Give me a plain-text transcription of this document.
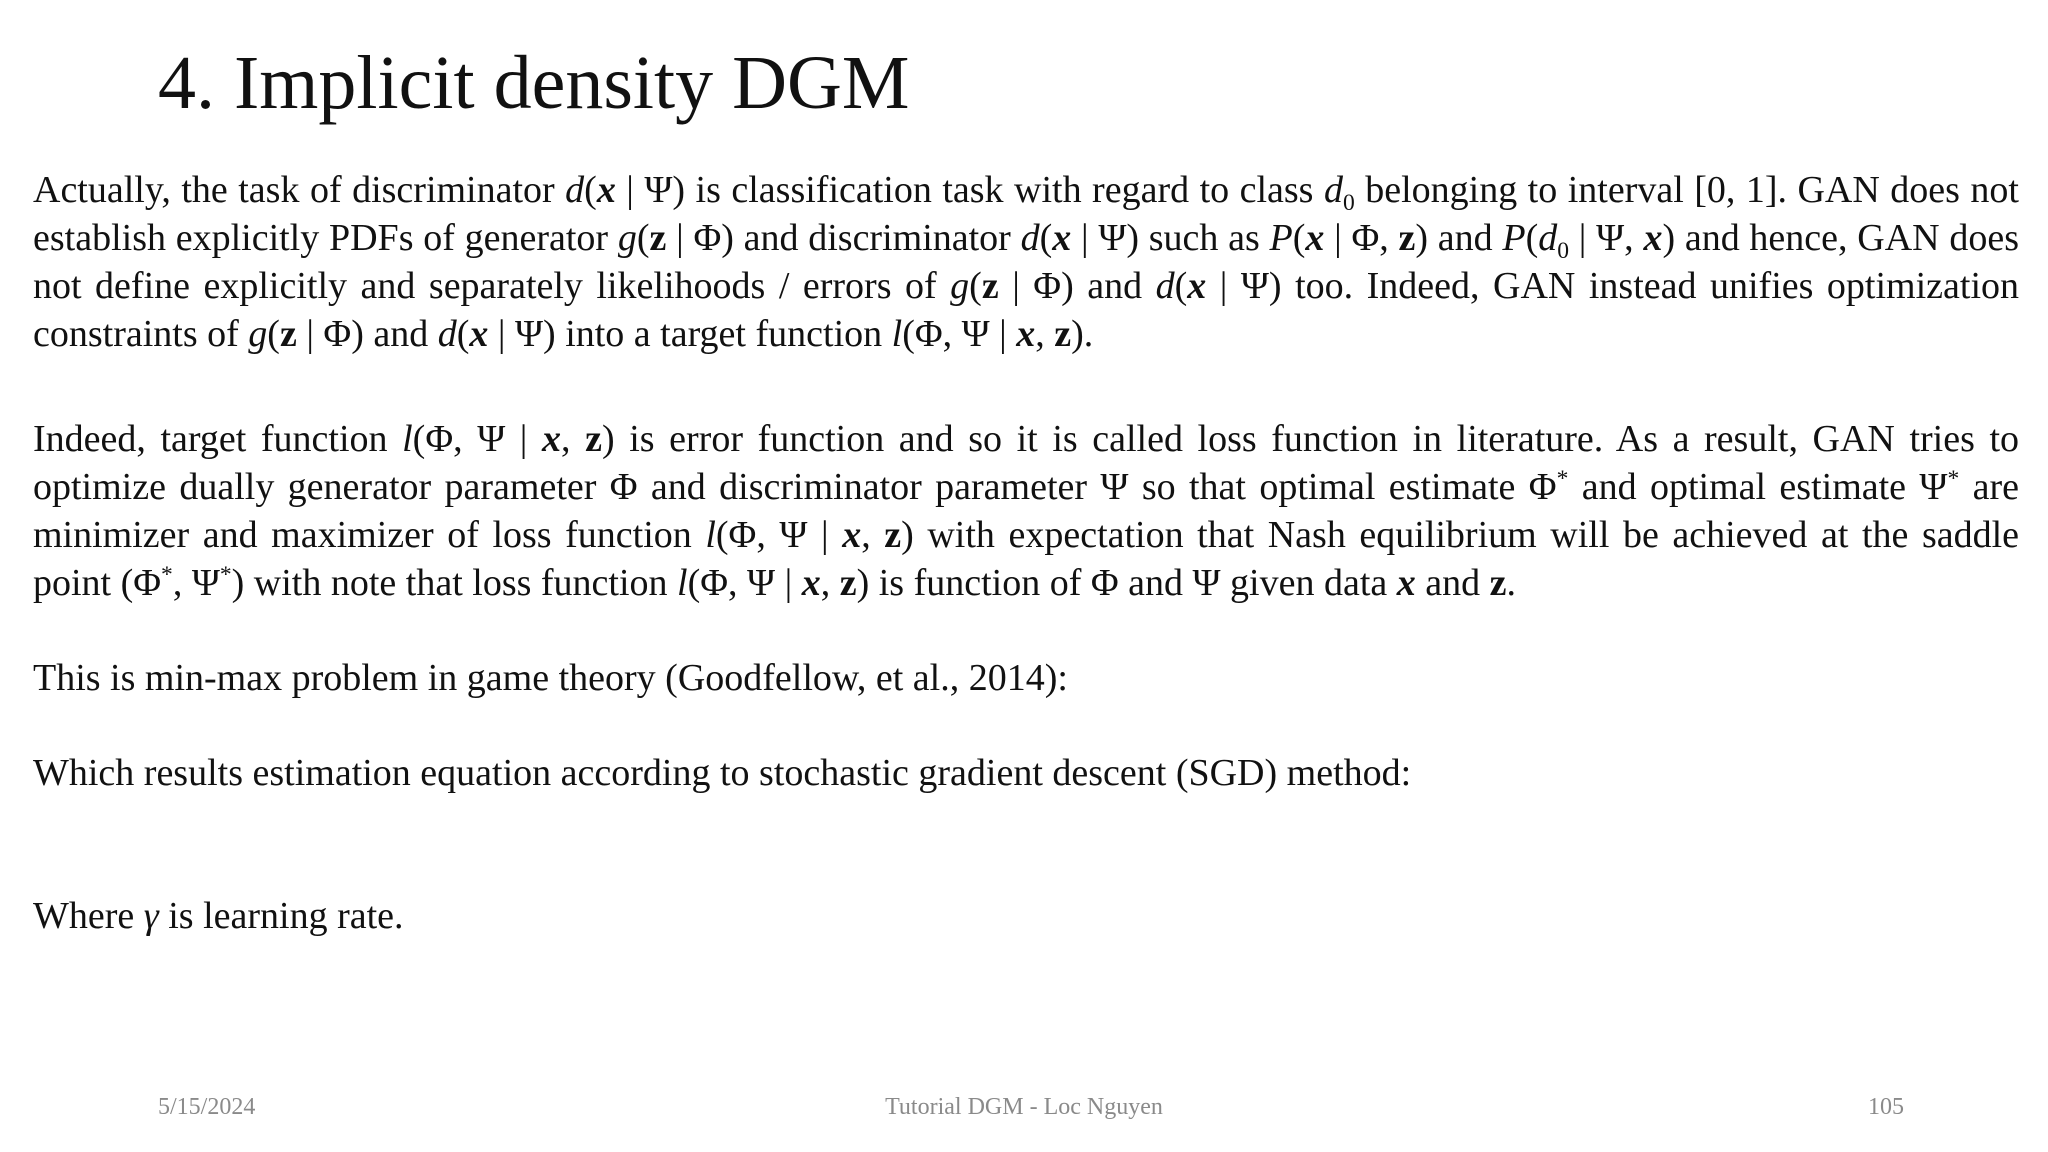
4. Implicit density DGM

Actually, the task of discriminator d(x | Ψ) is classification task with regard to class $d_0$ belonging to interval [0, 1]. GAN does not establish explicitly PDFs of generator g(z | Φ) and discriminator d(x | Ψ) such as P(x | Φ, z) and $P(d_0$ | Ψ, x) and hence, GAN does not define explicitly and separately likelihoods / errors of g(z | Φ) and d(x | Ψ) too. Indeed, GAN instead unifies optimization constraints of g(z | Φ) and d(x | Ψ) into a target function l(Φ, Ψ | x, z).

Indeed, target function l(Φ, Ψ | x, z) is error function and so it is called loss function in literature. As a result, GAN tries to optimize dually generator parameter Φ and discriminator parameter Ψ so that optimal estimate Φ* and optimal estimate Ψ* are minimizer and maximizer of loss function l(Φ, Ψ | x, z) with expectation that Nash equilibrium will be achieved at the saddle point (Φ*, Ψ*) with note that loss function l(Φ, Ψ | x, z) is function of Φ and Ψ given data x and z.

This is min-max problem in game theory (Goodfellow, et al., 2014):

Which results estimation equation according to stochastic gradient descent (SGD) method:

Where γ is learning rate.

5/15/2024	Tutorial DGM - Loc Nguyen	105
